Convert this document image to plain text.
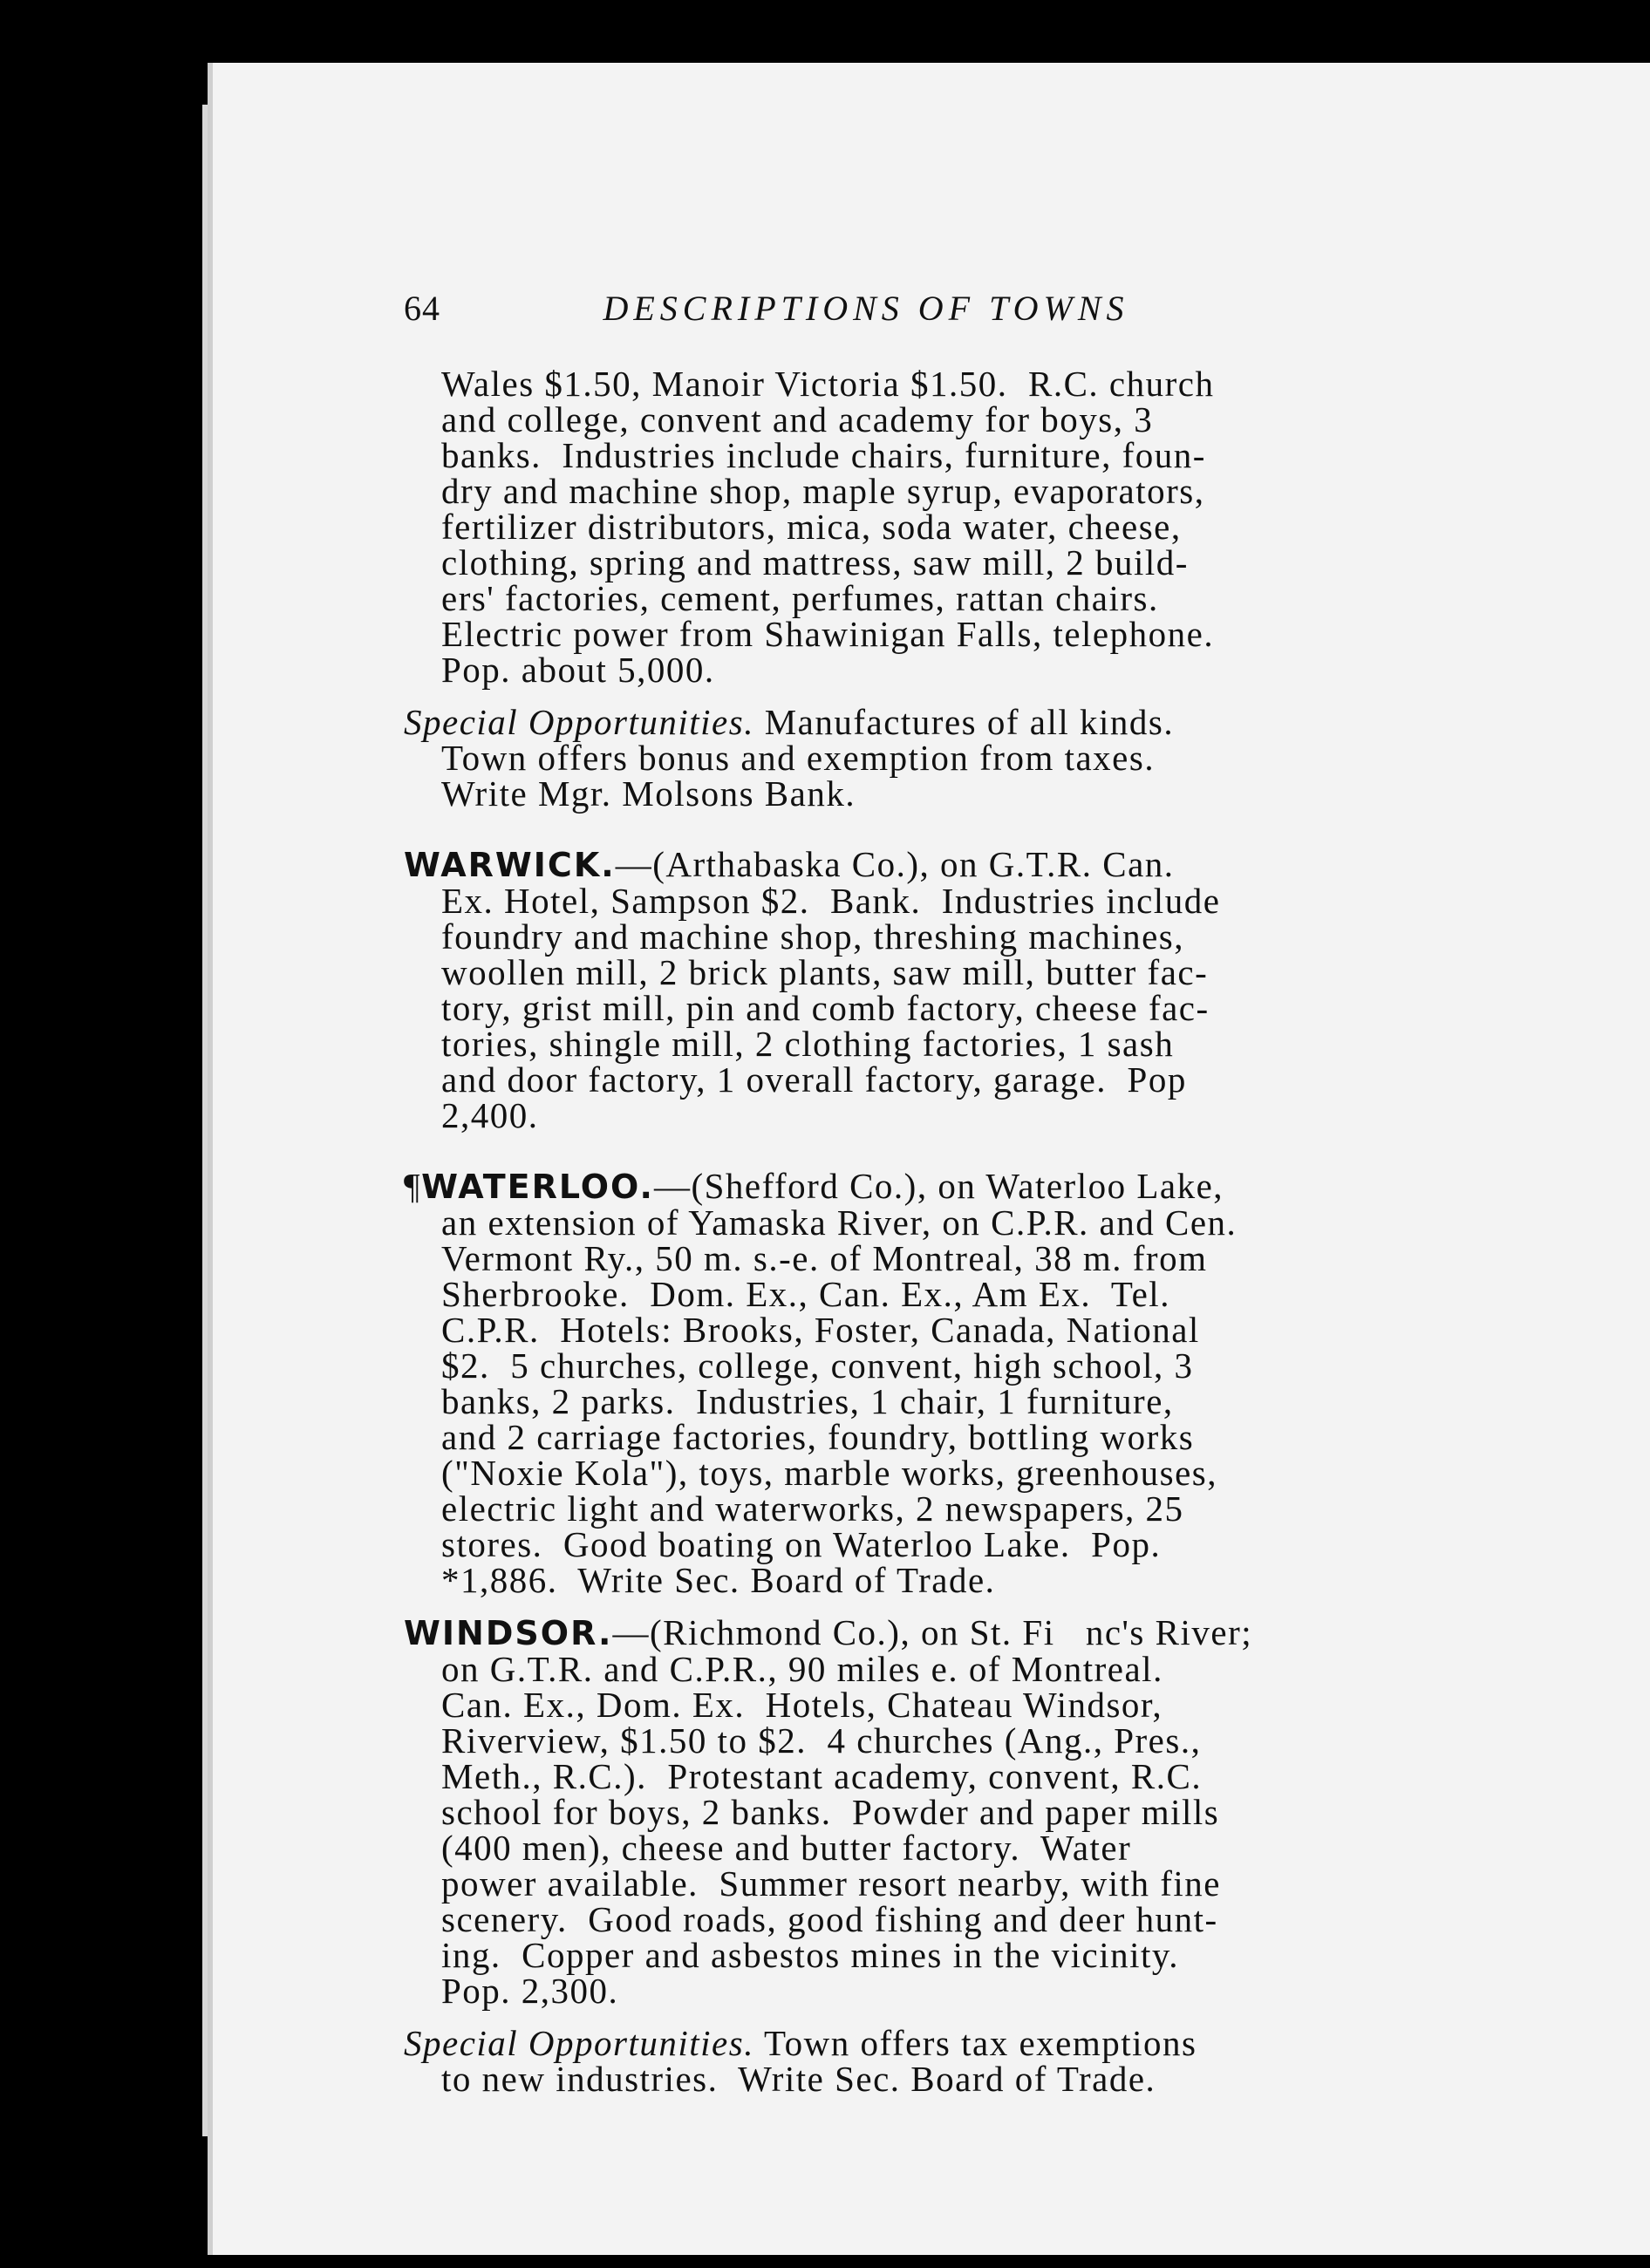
64	DESCRIPTIONS OF TOWNS
Wales $1.50, Manoir Victoria $1.50.  R.C. church
and college, convent and academy for boys, 3
banks.  Industries include chairs, furniture, foun-
dry and machine shop, maple syrup, evaporators,
fertilizer distributors, mica, soda water, cheese,
clothing, spring and mattress, saw mill, 2 build-
ers' factories, cement, perfumes, rattan chairs.
Electric power from Shawinigan Falls, telephone.
Pop. about 5,000.
Special Opportunities. Manufactures of all kinds.
Town offers bonus and exemption from taxes.
Write Mgr. Molsons Bank.
WARWICK.—(Arthabaska Co.), on G.T.R. Can.
Ex. Hotel, Sampson $2.  Bank.  Industries include
foundry and machine shop, threshing machines,
woollen mill, 2 brick plants, saw mill, butter fac-
tory, grist mill, pin and comb factory, cheese fac-
tories, shingle mill, 2 clothing factories, 1 sash
and door factory, 1 overall factory, garage.  Pop
2,400.
¶WATERLOO.—(Shefford Co.), on Waterloo Lake,
an extension of Yamaska River, on C.P.R. and Cen.
Vermont Ry., 50 m. s.-e. of Montreal, 38 m. from
Sherbrooke.  Dom. Ex., Can. Ex., Am Ex.  Tel.
C.P.R.  Hotels: Brooks, Foster, Canada, National
$2.  5 churches, college, convent, high school, 3
banks, 2 parks.  Industries, 1 chair, 1 furniture,
and 2 carriage factories, foundry, bottling works
("Noxie Kola"), toys, marble works, greenhouses,
electric light and waterworks, 2 newspapers, 25
stores.  Good boating on Waterloo Lake.  Pop.
*1,886.  Write Sec. Board of Trade.
WINDSOR.—(Richmond Co.), on St. Fi   nc's River;
on G.T.R. and C.P.R., 90 miles e. of Montreal.
Can. Ex., Dom. Ex.  Hotels, Chateau Windsor,
Riverview, $1.50 to $2.  4 churches (Ang., Pres.,
Meth., R.C.).  Protestant academy, convent, R.C.
school for boys, 2 banks.  Powder and paper mills
(400 men), cheese and butter factory.  Water
power available.  Summer resort nearby, with fine
scenery.  Good roads, good fishing and deer hunt-
ing.  Copper and asbestos mines in the vicinity.
Pop. 2,300.
Special Opportunities. Town offers tax exemptions
to new industries.  Write Sec. Board of Trade.
